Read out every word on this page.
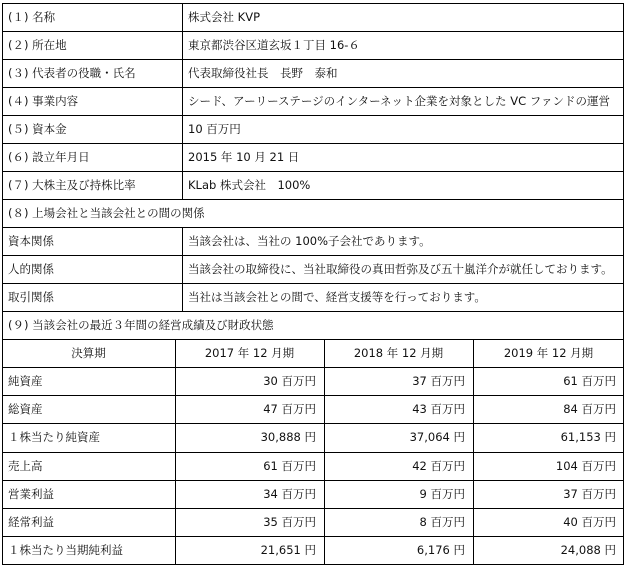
(１) 名称	株式会社 KVP
(２) 所在地	東京都渋谷区道玄坂１丁目 16-６
(３) 代表者の役職・氏名	代表取締役社長　長野　泰和
(４) 事業内容	シード、アーリーステージのインターネット企業を対象とした VC ファンドの運営
(５) 資本金	10 百万円
(６) 設立年月日	2015 年 10 月 21 日
(７) 大株主及び持株比率	KLab 株式会社　100%
(８) 上場会社と当該会社との間の関係
資本関係	当該会社は、当社の 100%子会社であります。
人的関係	当該会社の取締役に、当社取締役の真田哲弥及び五十嵐洋介が就任しております。
取引関係	当社は当該会社との間で、経営支援等を行っております。
(９) 当該会社の最近３年間の経営成績及び財政状態
決算期	2017 年 12 月期	2018 年 12 月期	2019 年 12 月期
純資産	30 百万円	37 百万円	61 百万円
総資産	47 百万円	43 百万円	84 百万円
１株当たり純資産	30,888 円	37,064 円	61,153 円
売上高	61 百万円	42 百万円	104 百万円
営業利益	34 百万円	9 百万円	37 百万円
経常利益	35 百万円	8 百万円	40 百万円
１株当たり当期純利益	21,651 円	6,176 円	24,088 円
